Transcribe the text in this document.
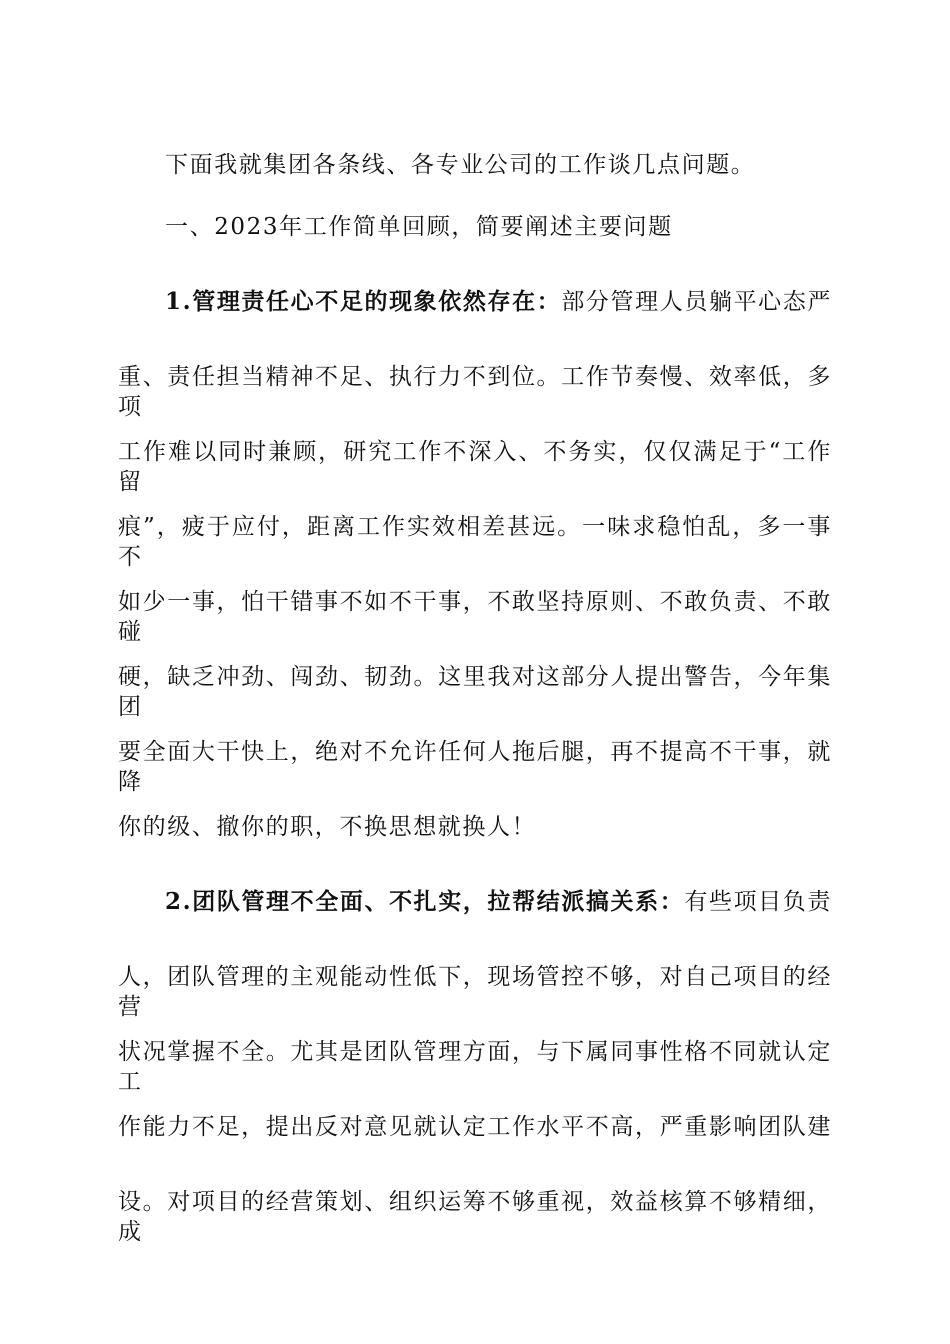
下面我就集团各条线、各专业公司的工作谈几点问题。
一、2023年工作简单回顾，简要阐述主要问题
1.管理责任心不足的现象依然存在：部分管理人员躺平心态严
重、责任担当精神不足、执行力不到位。工作节奏慢、效率低，多项
工作难以同时兼顾，研究工作不深入、不务实，仅仅满足于“工作留
痕”，疲于应付，距离工作实效相差甚远。一味求稳怕乱，多一事不
如少一事，怕干错事不如不干事，不敢坚持原则、不敢负责、不敢碰
硬，缺乏冲劲、闯劲、韧劲。这里我对这部分人提出警告，今年集团
要全面大干快上，绝对不允许任何人拖后腿，再不提高不干事，就降
你的级、撤你的职，不换思想就换人！
2.团队管理不全面、不扎实，拉帮结派搞关系：有些项目负责
人，团队管理的主观能动性低下，现场管控不够，对自己项目的经营
状况掌握不全。尤其是团队管理方面，与下属同事性格不同就认定工
作能力不足，提出反对意见就认定工作水平不高，严重影响团队建
设。对项目的经营策划、组织运筹不够重视，效益核算不够精细，成
